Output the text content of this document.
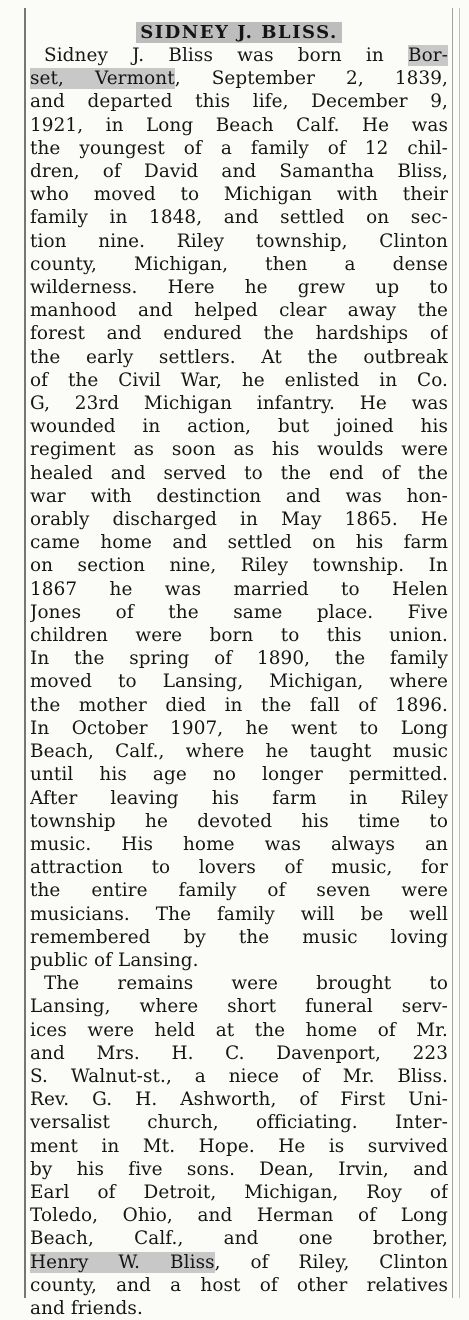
SIDNEY J. BLISS.
Sidney J. Bliss was born in Bor-
set, Vermont, September 2, 1839,
and departed this life, December 9,
1921, in Long Beach Calf. He was
the youngest of a family of 12 chil-
dren, of David and Samantha Bliss,
who moved to Michigan with their
family in 1848, and settled on sec-
tion nine. Riley township, Clinton
county, Michigan, then a dense
wilderness. Here he grew up to
manhood and helped clear away the
forest and endured the hardships of
the early settlers. At the outbreak
of the Civil War, he enlisted in Co.
G, 23rd Michigan infantry. He was
wounded in action, but joined his
regiment as soon as his woulds were
healed and served to the end of the
war with destinction and was hon-
orably discharged in May 1865. He
came home and settled on his farm
on section nine, Riley township. In
1867 he was married to Helen
Jones of the same place. Five
children were born to this union.
In the spring of 1890, the family
moved to Lansing, Michigan, where
the mother died in the fall of 1896.
In October 1907, he went to Long
Beach, Calf., where he taught music
until his age no longer permitted.
After leaving his farm in Riley
township he devoted his time to
music. His home was always an
attraction to lovers of music, for
the entire family of seven were
musicians. The family will be well
remembered by the music loving
public of Lansing.
The remains were brought to
Lansing, where short funeral serv-
ices were held at the home of Mr.
and Mrs. H. C. Davenport, 223
S. Walnut-st., a niece of Mr. Bliss.
Rev. G. H. Ashworth, of First Uni-
versalist church, officiating. Inter-
ment in Mt. Hope. He is survived
by his five sons. Dean, Irvin, and
Earl of Detroit, Michigan, Roy of
Toledo, Ohio, and Herman of Long
Beach, Calf., and one brother,
Henry W. Bliss, of Riley, Clinton
county, and a host of other relatives
and friends.
